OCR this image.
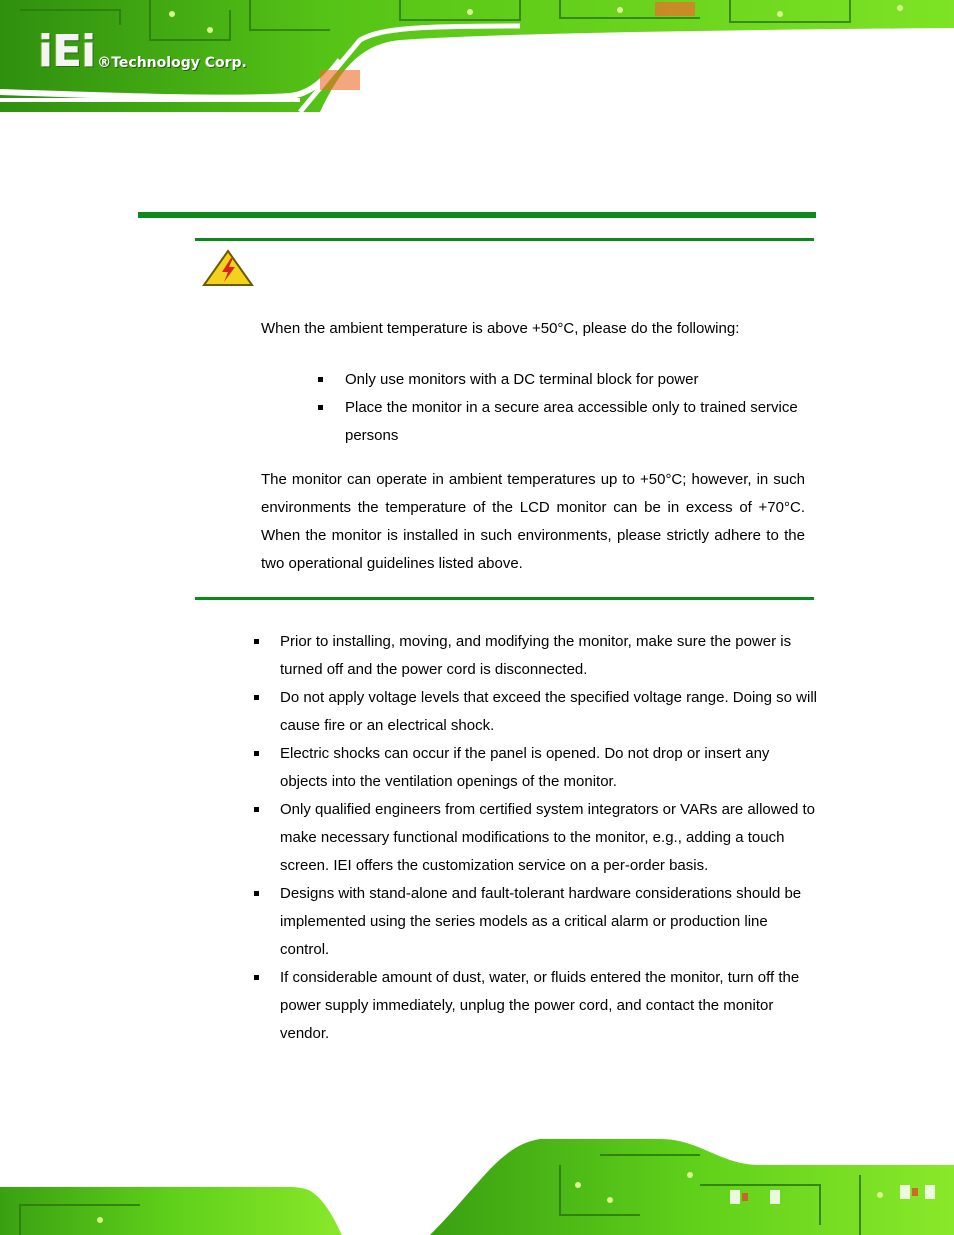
iEi ®Technology Corp.

When the ambient temperature is above +50°C, please do the following:

Only use monitors with a DC terminal block for power
Place the monitor in a secure area accessible only to trained service persons

The monitor can operate in ambient temperatures up to +50°C; however, in such environments the temperature of the LCD monitor can be in excess of +70°C. When the monitor is installed in such environments, please strictly adhere to the two operational guidelines listed above.

Prior to installing, moving, and modifying the monitor, make sure the power is turned off and the power cord is disconnected.
Do not apply voltage levels that exceed the specified voltage range. Doing so will cause fire or an electrical shock.
Electric shocks can occur if the panel is opened. Do not drop or insert any objects into the ventilation openings of the monitor.
Only qualified engineers from certified system integrators or VARs are allowed to make necessary functional modifications to the monitor, e.g., adding a touch screen. IEI offers the customization service on a per-order basis.
Designs with stand-alone and fault-tolerant hardware considerations should be implemented using the series models as a critical alarm or production line control.
If considerable amount of dust, water, or fluids entered the monitor, turn off the power supply immediately, unplug the power cord, and contact the monitor vendor.
